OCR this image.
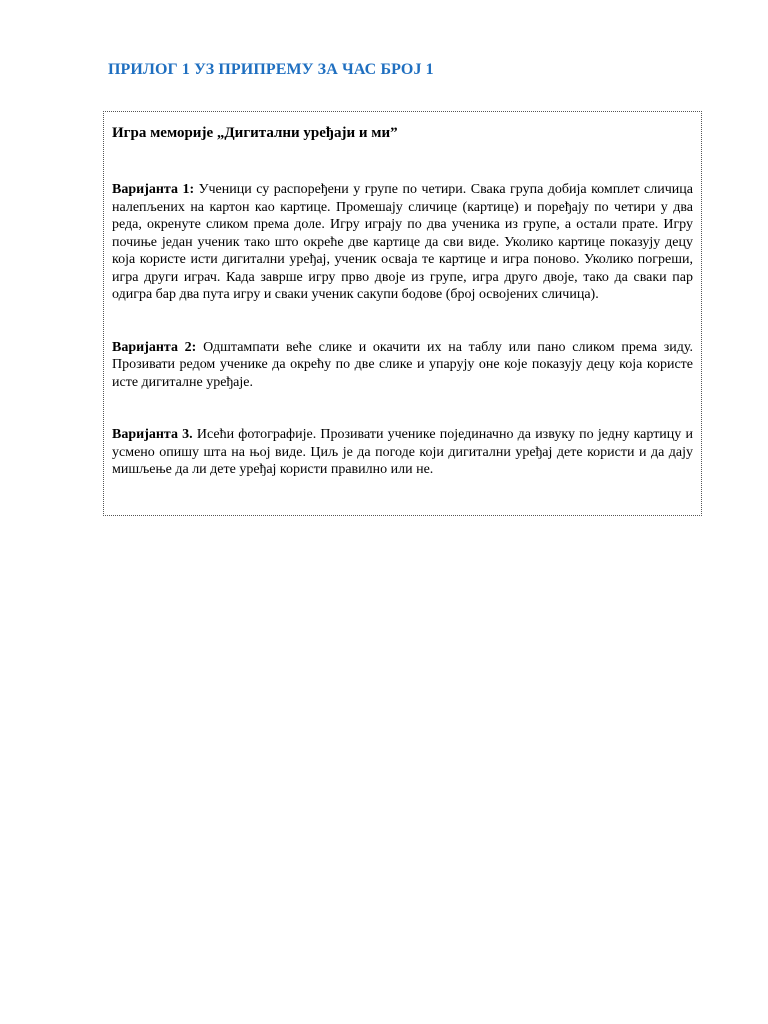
ПРИЛОГ 1 УЗ ПРИПРЕМУ ЗА ЧАС БРОЈ 1

Игра меморије „Дигитални уређаји и ми”

Варијанта 1: Ученици су распоређени у групе по четири. Свака група добија комплет сличица налепљених на картон као картице. Промешају сличице (картице) и поређају по четири у два реда, окренуте сликом према доле. Игру играју по два ученика из групе, а остали прате. Игру почиње један ученик тако што окреће две картице да сви виде. Уколико картице показују децу која користе исти дигитални уређај, ученик осваја те картице и игра поново. Уколико погреши, игра други играч. Када заврше игру прво двоје из групе, игра друго двоје, тако да сваки пар одигра бар два пута игру и сваки ученик сакупи бодове (број освојених сличица).

Варијанта 2: Одштампати веће слике и окачити их на таблу или пано сликом према зиду. Прозивати редом ученике да окрећу по две слике и упарују оне које показују децу која користе исте дигиталне уређаје.

Варијанта 3. Исећи фотографије. Прозивати ученике појединачно да извуку по једну картицу и усмено опишу шта на њој виде. Циљ је да погоде који дигитални уређај дете користи и да дају мишљење да ли дете уређај користи правилно или не.
